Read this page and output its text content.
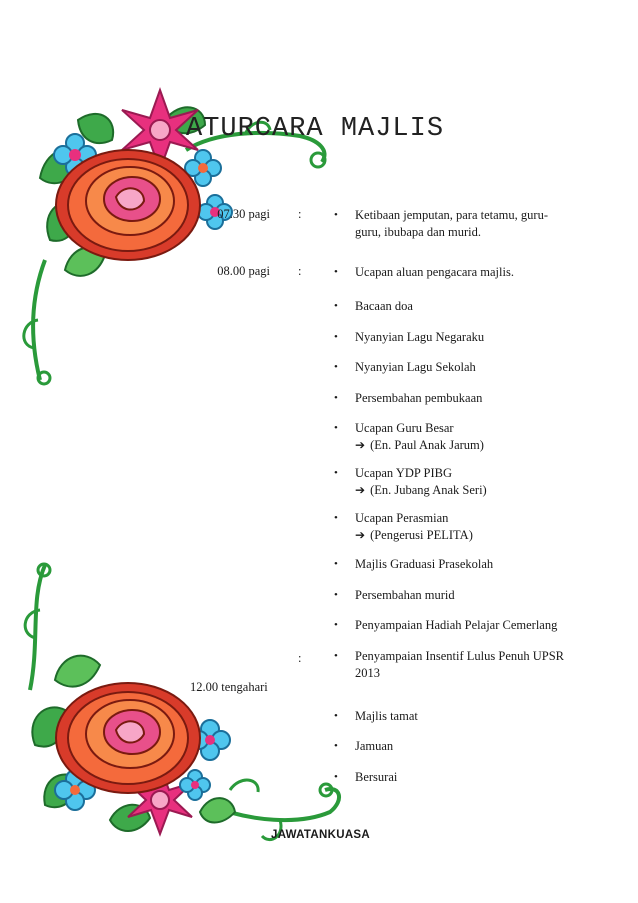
ATURCARA MAJLIS
07.30 pagi
08.00 pagi
12.00 tengahari
:
:
:
• Ketibaan jemputan, para tetamu, guru-guru, ibubapa dan murid.
• Ucapan aluan pengacara majlis.
• Bacaan doa
• Nyanyian Lagu Negaraku
• Nyanyian Lagu Sekolah
• Persembahan pembukaan
• Ucapan Guru Besar
➔ (En. Paul Anak Jarum)
• Ucapan YDP PIBG
➔ (En. Jubang Anak Seri)
• Ucapan Perasmian
➔ (Pengerusi PELITA)
• Majlis Graduasi Prasekolah
• Persembahan murid
• Penyampaian Hadiah Pelajar Cemerlang
• Penyampaian Insentif Lulus Penuh UPSR 2013
• Majlis tamat
• Jamuan
• Bersurai
JAWATANKUASA
